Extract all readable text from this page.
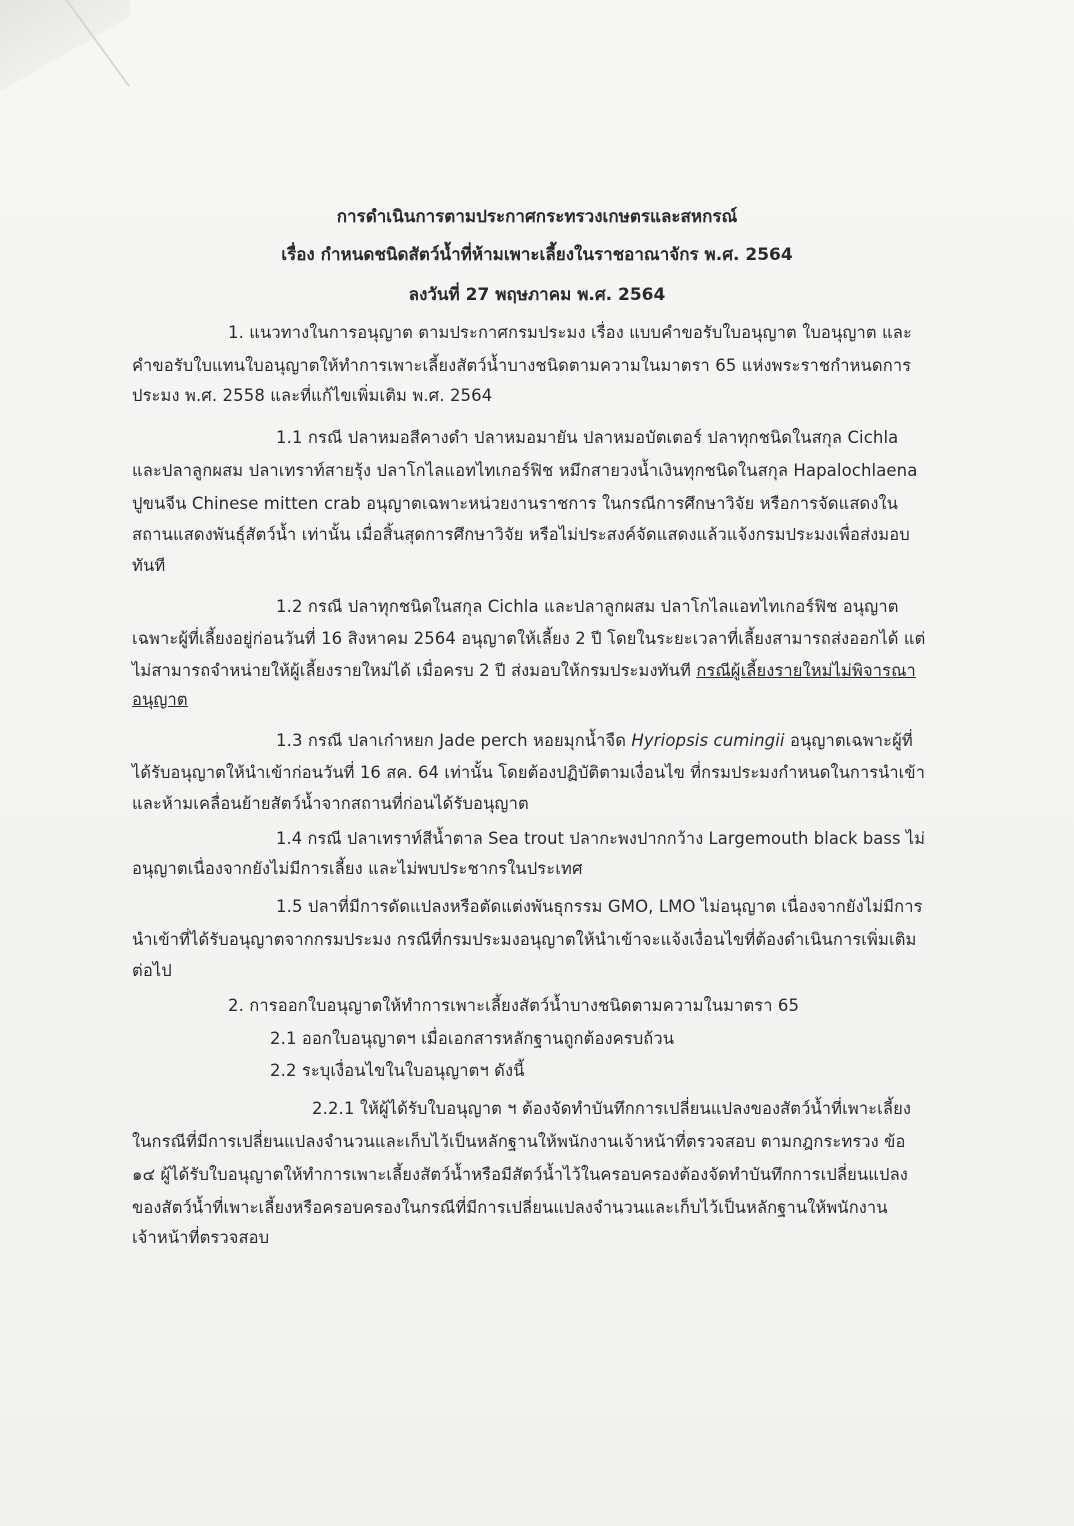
การดำเนินการตามประกาศกระทรวงเกษตรและสหกรณ์
เรื่อง กำหนดชนิดสัตว์น้ำที่ห้ามเพาะเลี้ยงในราชอาณาจักร พ.ศ. 2564
ลงวันที่ 27 พฤษภาคม พ.ศ. 2564
1. แนวทางในการอนุญาต ตามประกาศกรมประมง เรื่อง แบบคำขอรับใบอนุญาต ใบอนุญาต และ
คำขอรับใบแทนใบอนุญาตให้ทำการเพาะเลี้ยงสัตว์น้ำบางชนิดตามความในมาตรา 65 แห่งพระราชกำหนดการ
ประมง พ.ศ. 2558 และที่แก้ไขเพิ่มเติม พ.ศ. 2564
1.1 กรณี ปลาหมอสีคางดำ ปลาหมอมายัน ปลาหมอบัตเตอร์ ปลาทุกชนิดในสกุล Cichla
และปลาลูกผสม ปลาเทราท์สายรุ้ง ปลาโกไลแอทไทเกอร์ฟิช หมึกสายวงน้ำเงินทุกชนิดในสกุล Hapalochlaena
ปูขนจีน Chinese mitten crab อนุญาตเฉพาะหน่วยงานราชการ ในกรณีการศึกษาวิจัย หรือการจัดแสดงใน
สถานแสดงพันธุ์สัตว์น้ำ เท่านั้น เมื่อสิ้นสุดการศึกษาวิจัย หรือไม่ประสงค์จัดแสดงแล้วแจ้งกรมประมงเพื่อส่งมอบ
ทันที
1.2 กรณี ปลาทุกชนิดในสกุล Cichla และปลาลูกผสม ปลาโกไลแอทไทเกอร์ฟิช อนุญาต
เฉพาะผู้ที่เลี้ยงอยู่ก่อนวันที่ 16 สิงหาคม 2564 อนุญาตให้เลี้ยง 2 ปี โดยในระยะเวลาที่เลี้ยงสามารถส่งออกได้ แต่
ไม่สามารถจำหน่ายให้ผู้เลี้ยงรายใหม่ได้ เมื่อครบ 2 ปี ส่งมอบให้กรมประมงทันที กรณีผู้เลี้ยงรายใหม่ไม่พิจารณา
อนุญาต
1.3 กรณี ปลาเก๋าหยก Jade perch หอยมุกน้ำจืด Hyriopsis cumingii อนุญาตเฉพาะผู้ที่
ได้รับอนุญาตให้นำเข้าก่อนวันที่ 16 สค. 64 เท่านั้น โดยต้องปฏิบัติตามเงื่อนไข ที่กรมประมงกำหนดในการนำเข้า
และห้ามเคลื่อนย้ายสัตว์น้ำจากสถานที่ก่อนได้รับอนุญาต
1.4 กรณี ปลาเทราท์สีน้ำตาล Sea trout ปลากะพงปากกว้าง Largemouth black bass ไม่
อนุญาตเนื่องจากยังไม่มีการเลี้ยง และไม่พบประชากรในประเทศ
1.5 ปลาที่มีการดัดแปลงหรือตัดแต่งพันธุกรรม GMO, LMO ไม่อนุญาต เนื่องจากยังไม่มีการ
นำเข้าที่ได้รับอนุญาตจากกรมประมง กรณีที่กรมประมงอนุญาตให้นำเข้าจะแจ้งเงื่อนไขที่ต้องดำเนินการเพิ่มเติม
ต่อไป
2. การออกใบอนุญาตให้ทำการเพาะเลี้ยงสัตว์น้ำบางชนิดตามความในมาตรา 65
2.1 ออกใบอนุญาตฯ เมื่อเอกสารหลักฐานถูกต้องครบถ้วน
2.2 ระบุเงื่อนไขในใบอนุญาตฯ ดังนี้
2.2.1 ให้ผู้ได้รับใบอนุญาต ฯ ต้องจัดทำบันทึกการเปลี่ยนแปลงของสัตว์น้ำที่เพาะเลี้ยง
ในกรณีที่มีการเปลี่ยนแปลงจำนวนและเก็บไว้เป็นหลักฐานให้พนักงานเจ้าหน้าที่ตรวจสอบ ตามกฎกระทรวง ข้อ
๑๔ ผู้ได้รับใบอนุญาตให้ทำการเพาะเลี้ยงสัตว์น้ำหรือมีสัตว์น้ำไว้ในครอบครองต้องจัดทำบันทึกการเปลี่ยนแปลง
ของสัตว์น้ำที่เพาะเลี้ยงหรือครอบครองในกรณีที่มีการเปลี่ยนแปลงจำนวนและเก็บไว้เป็นหลักฐานให้พนักงาน
เจ้าหน้าที่ตรวจสอบ
